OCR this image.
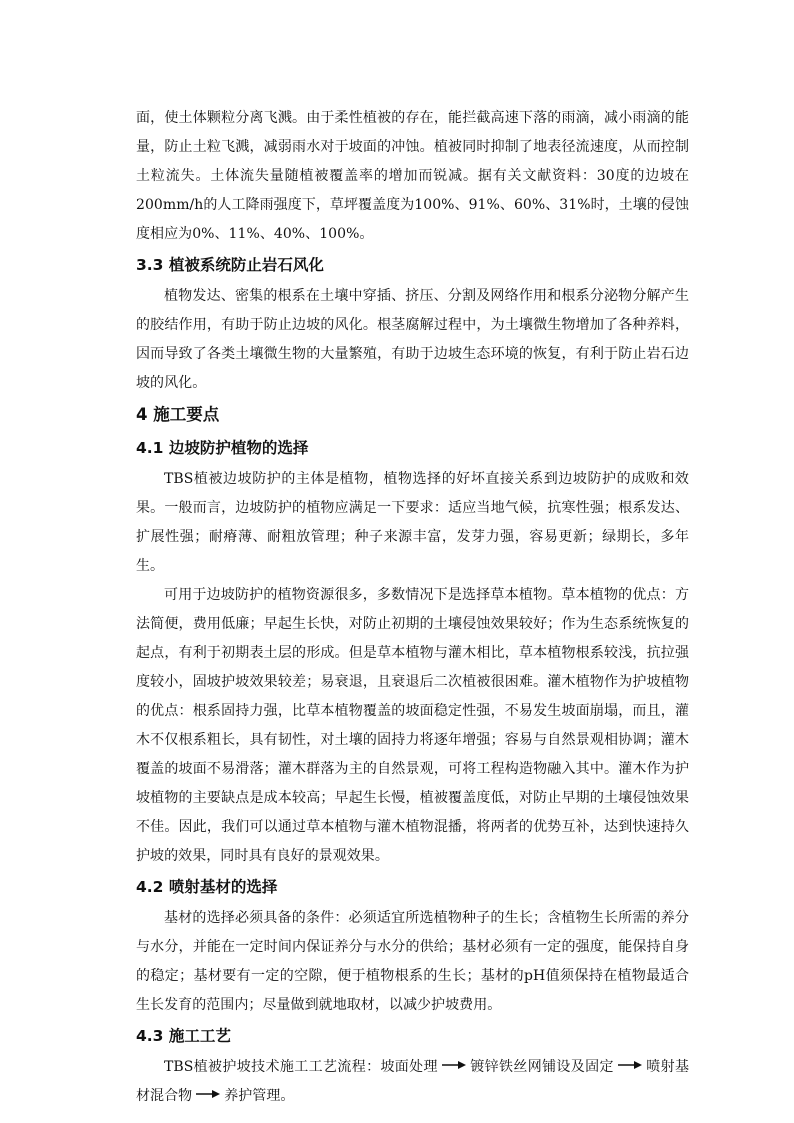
面，使土体颗粒分离飞溅。由于柔性植被的存在，能拦截高速下落的雨滴，减小雨滴的能量，防止土粒飞溅，减弱雨水对于坡面的冲蚀。植被同时抑制了地表径流速度，从而控制土粒流失。土体流失量随植被覆盖率的增加而锐减。据有关文献资料：30度的边坡在200mm/h的人工降雨强度下，草坪覆盖度为100%、91%、60%、31%时，土壤的侵蚀度相应为0%、11%、40%、100%。

3.3 植被系统防止岩石风化

植物发达、密集的根系在土壤中穿插、挤压、分割及网络作用和根系分泌物分解产生的胶结作用，有助于防止边坡的风化。根茎腐解过程中，为土壤微生物增加了各种养料，因而导致了各类土壤微生物的大量繁殖，有助于边坡生态环境的恢复，有利于防止岩石边坡的风化。

4 施工要点
4.1 边坡防护植物的选择

TBS植被边坡防护的主体是植物，植物选择的好坏直接关系到边坡防护的成败和效果。一般而言，边坡防护的植物应满足一下要求：适应当地气候，抗寒性强；根系发达、扩展性强；耐瘠薄、耐粗放管理；种子来源丰富，发芽力强，容易更新；绿期长，多年生。

可用于边坡防护的植物资源很多，多数情况下是选择草本植物。草本植物的优点：方法简便，费用低廉；早起生长快，对防止初期的土壤侵蚀效果较好；作为生态系统恢复的起点，有利于初期表土层的形成。但是草本植物与灌木相比，草本植物根系较浅，抗拉强度较小，固坡护坡效果较差；易衰退，且衰退后二次植被很困难。灌木植物作为护坡植物的优点：根系固持力强，比草本植物覆盖的坡面稳定性强，不易发生坡面崩塌，而且，灌木不仅根系粗长，具有韧性，对土壤的固持力将逐年增强；容易与自然景观相协调；灌木覆盖的坡面不易滑落；灌木群落为主的自然景观，可将工程构造物融入其中。灌木作为护坡植物的主要缺点是成本较高；早起生长慢，植被覆盖度低，对防止早期的土壤侵蚀效果不佳。因此，我们可以通过草本植物与灌木植物混播，将两者的优势互补，达到快速持久护坡的效果，同时具有良好的景观效果。

4.2 喷射基材的选择

基材的选择必须具备的条件：必须适宜所选植物种子的生长；含植物生长所需的养分与水分，并能在一定时间内保证养分与水分的供给；基材必须有一定的强度，能保持自身的稳定；基材要有一定的空隙，便于植物根系的生长；基材的pH值须保持在植物最适合生长发育的范围内；尽量做到就地取材，以减少护坡费用。

4.3 施工工艺

TBS植被护坡技术施工工艺流程：坡面处理 镀锌铁丝网铺设及固定 喷射基材混合物 养护管理。
